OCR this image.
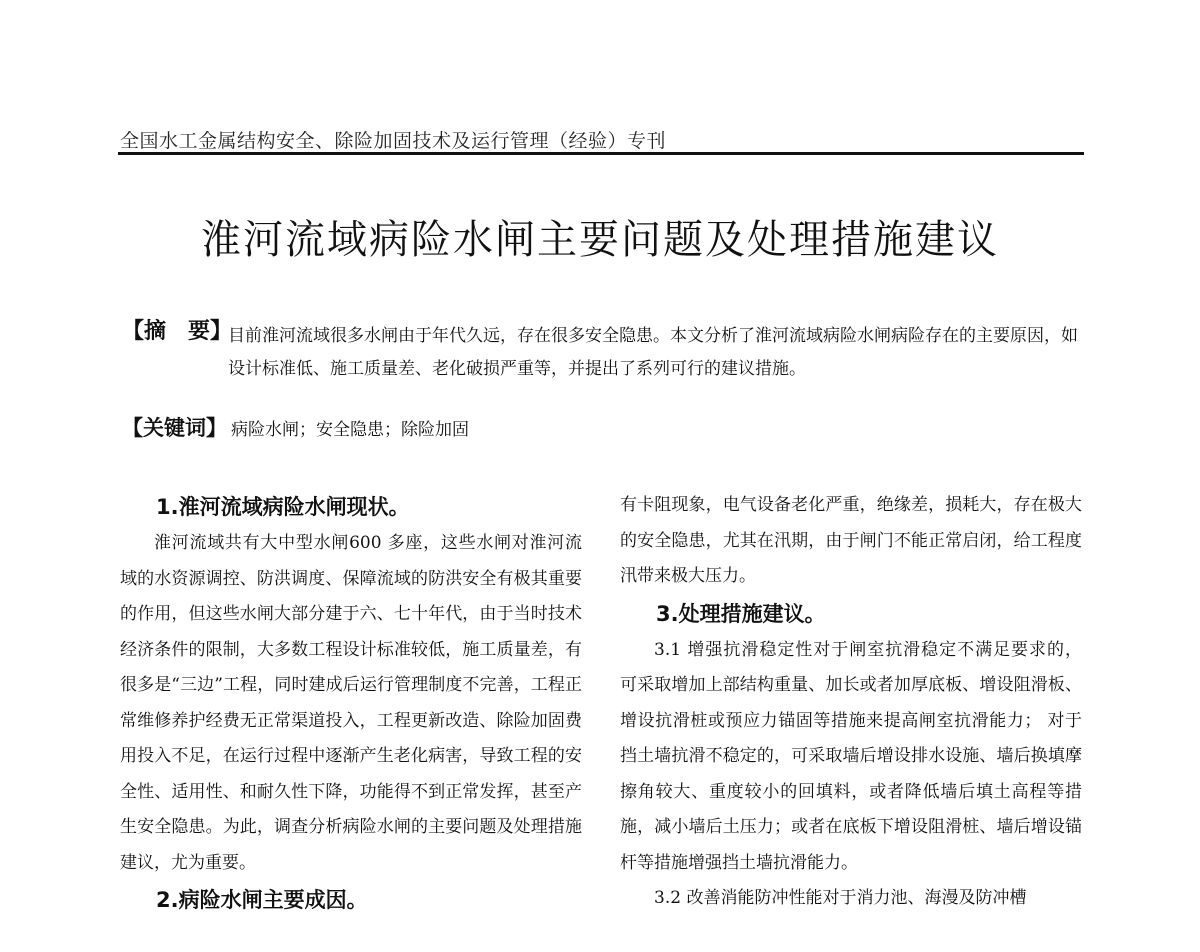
全国水工金属结构安全、除险加固技术及运行管理（经验）专刊
淮河流域病险水闸主要问题及处理措施建议
【摘　要】
目前淮河流域很多水闸由于年代久远，存在很多安全隐患。本文分析了淮河流域病险水闸病险存在的主要原因，如设计标准低、施工质量差、老化破损严重等，并提出了系列可行的建议措施。
【关键词】 病险水闸；安全隐患；除险加固
1.淮河流域病险水闸现状。

淮河流域共有大中型水闸600 多座，这些水闸对淮河流域的水资源调控、防洪调度、保障流域的防洪安全有极其重要的作用，但这些水闸大部分建于六、七十年代，由于当时技术经济条件的限制，大多数工程设计标准较低，施工质量差，有很多是“三边”工程，同时建成后运行管理制度不完善，工程正常维修养护经费无正常渠道投入，工程更新改造、除险加固费用投入不足，在运行过程中逐渐产生老化病害，导致工程的安全性、适用性、和耐久性下降，功能得不到正常发挥，甚至产生安全隐患。为此，调查分析病险水闸的主要问题及处理措施建议，尤为重要。

2.病险水闸主要成因。

有卡阻现象，电气设备老化严重，绝缘差，损耗大，存在极大的安全隐患，尤其在汛期，由于闸门不能正常启闭，给工程度汛带来极大压力。

3.处理措施建议。

3.1 增强抗滑稳定性对于闸室抗滑稳定不满足要求的， 可采取增加上部结构重量、加长或者加厚底板、增设阻滑板、增设抗滑桩或预应力锚固等措施来提高闸室抗滑能力； 对于挡土墙抗滑不稳定的，可采取墙后增设排水设施、墙后换填摩擦角较大、重度较小的回填料，或者降低墙后填土高程等措施，减小墙后土压力；或者在底板下增设阻滑桩、墙后增设锚杆等措施增强挡土墙抗滑能力。

3.2 改善消能防冲性能对于消力池、海漫及防冲槽
